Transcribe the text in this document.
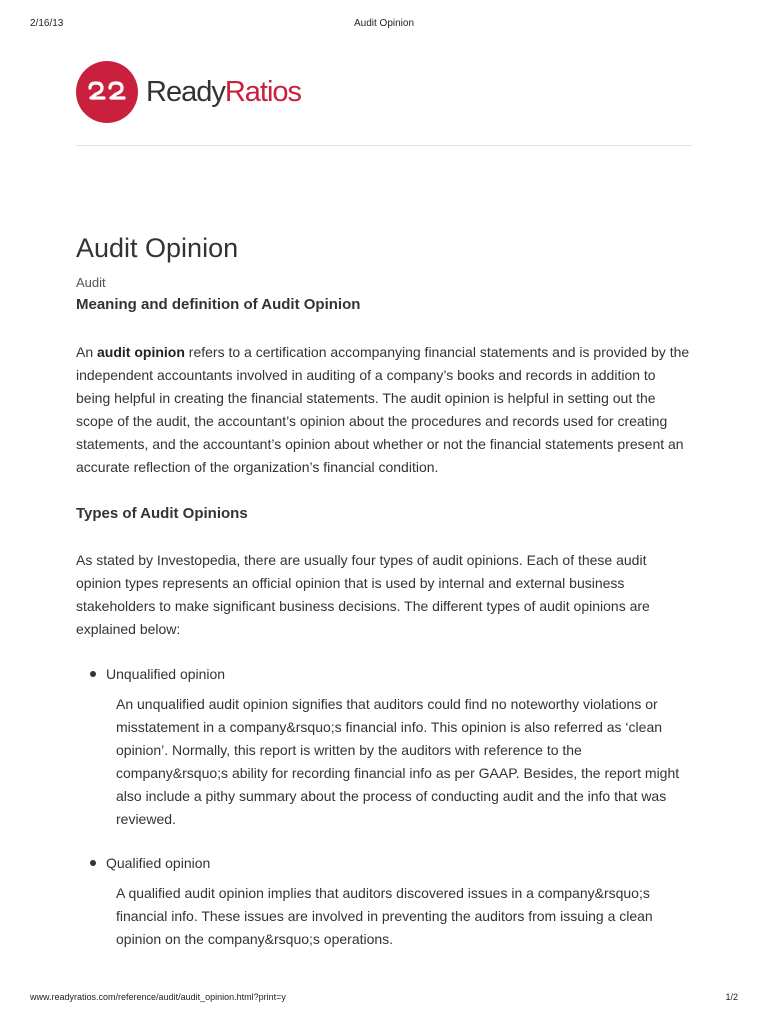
2/16/13	Audit Opinion
ReadyRatios
Audit Opinion
Audit
Meaning and definition of Audit Opinion

An audit opinion refers to a certification accompanying financial statements and is provided by the independent accountants involved in auditing of a company’s books and records in addition to being helpful in creating the financial statements. The audit opinion is helpful in setting out the scope of the audit, the accountant’s opinion about the procedures and records used for creating statements, and the accountant’s opinion about whether or not the financial statements present an accurate reflection of the organization’s financial condition.

Types of Audit Opinions

As stated by Investopedia, there are usually four types of audit opinions. Each of these audit opinion types represents an official opinion that is used by internal and external business stakeholders to make significant business decisions. The different types of audit opinions are explained below:

Unqualified opinion

An unqualified audit opinion signifies that auditors could find no noteworthy violations or misstatement in a company&rsquo;s financial info. This opinion is also referred as ‘clean opinion’. Normally, this report is written by the auditors with reference to the company&rsquo;s ability for recording financial info as per GAAP. Besides, the report might also include a pithy summary about the process of conducting audit and the info that was reviewed.

Qualified opinion

A qualified audit opinion implies that auditors discovered issues in a company&rsquo;s financial info. These issues are involved in preventing the auditors from issuing a clean opinion on the company&rsquo;s operations.

www.readyratios.com/reference/audit/audit_opinion.html?print=y	1/2
